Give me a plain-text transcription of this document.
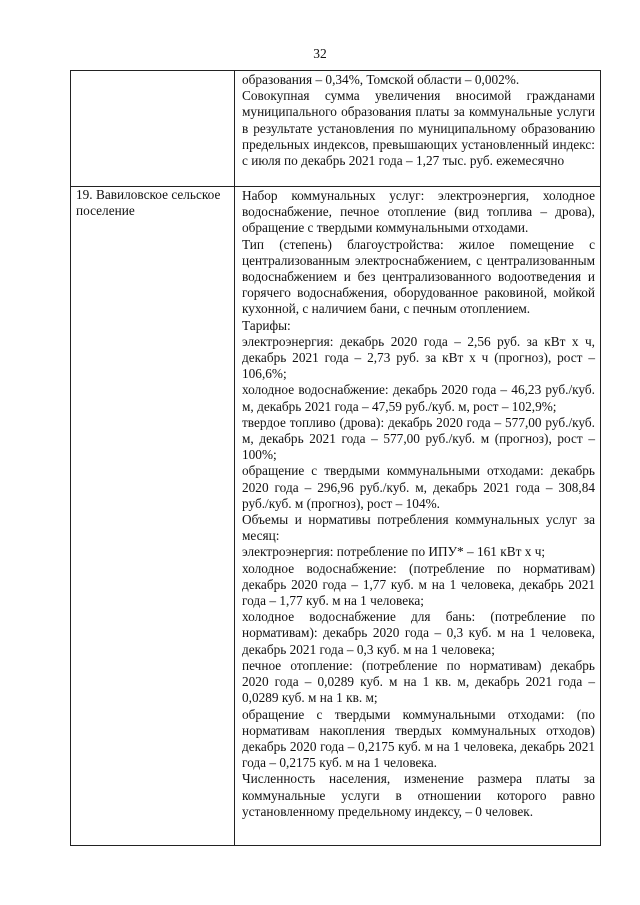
32

образования – 0,34%, Томской области – 0,002%.

Совокупная сумма увеличения вносимой гражданами муниципального образования платы за коммунальные услуги в результате установления по муниципальному образованию предельных индексов, превышающих установленный индекс: с июля по декабрь 2021 года – 1,27 тыс. руб. ежемесячно

19. Вавиловское сельское поселение

Набор коммунальных услуг: электроэнергия, холодное водоснабжение, печное отопление (вид топлива – дрова), обращение с твердыми коммунальными отходами.

Тип (степень) благоустройства: жилое помещение с централизованным электроснабжением, с централизованным водоснабжением и без централизованного водоотведения и горячего водоснабжения, оборудованное раковиной, мойкой кухонной, с наличием бани, с печным отоплением.

Тарифы:

электроэнергия: декабрь 2020 года – 2,56 руб. за кВт х ч, декабрь 2021 года – 2,73 руб. за кВт х ч (прогноз), рост – 106,6%;

холодное водоснабжение: декабрь 2020 года – 46,23 руб./куб. м, декабрь 2021 года – 47,59 руб./куб. м, рост – 102,9%;

твердое топливо (дрова): декабрь 2020 года – 577,00 руб./куб. м, декабрь 2021 года – 577,00 руб./куб. м (прогноз), рост – 100%;

обращение с твердыми коммунальными отходами: декабрь 2020 года – 296,96 руб./куб. м, декабрь 2021 года – 308,84 руб./куб. м (прогноз), рост – 104%.

Объемы и нормативы потребления коммунальных услуг за месяц:

электроэнергия: потребление по ИПУ* – 161 кВт х ч;

холодное водоснабжение: (потребление по нормативам) декабрь 2020 года – 1,77 куб. м на 1 человека, декабрь 2021 года – 1,77 куб. м на 1 человека;

холодное водоснабжение для бань: (потребление по нормативам): декабрь 2020 года – 0,3 куб. м на 1 человека, декабрь 2021 года – 0,3 куб. м на 1 человека;

печное отопление: (потребление по нормативам) декабрь 2020 года – 0,0289 куб. м на 1 кв. м, декабрь 2021 года – 0,0289 куб. м на 1 кв. м;

обращение с твердыми коммунальными отходами: (по нормативам накопления твердых коммунальных отходов) декабрь 2020 года – 0,2175 куб. м на 1 человека, декабрь 2021 года – 0,2175 куб. м на 1 человека.

Численность населения, изменение размера платы за коммунальные услуги в отношении которого равно установленному предельному индексу, – 0 человек.
